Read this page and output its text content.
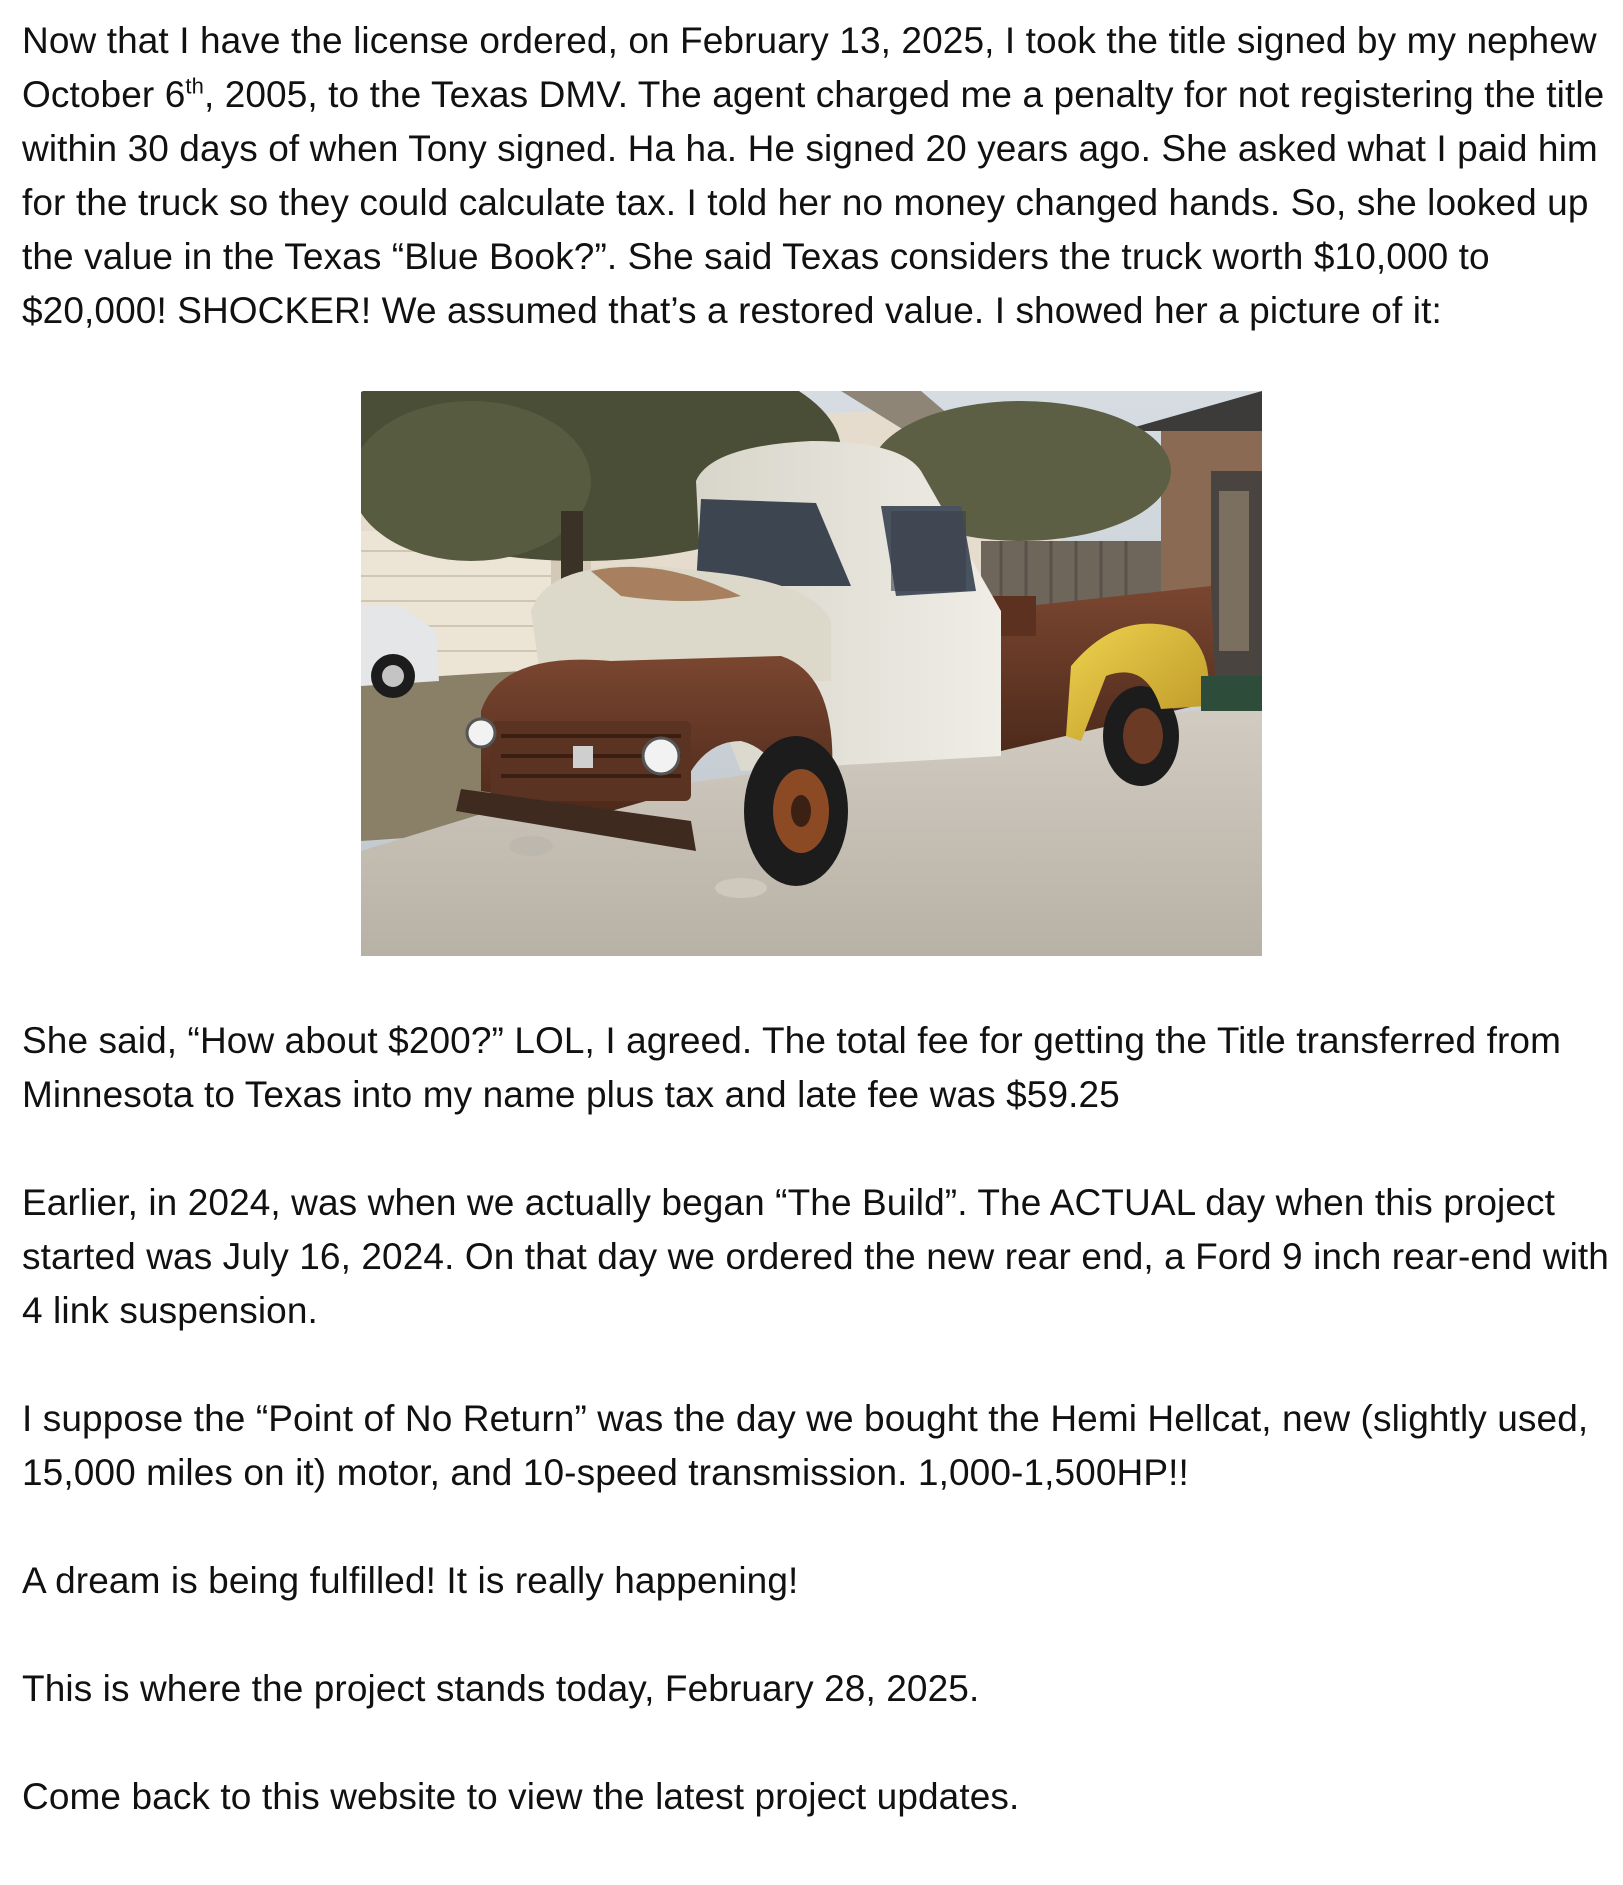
Now that I have the license ordered, on February 13, 2025, I took the title signed by my nephew October 6th, 2005, to the Texas DMV. The agent charged me a penalty for not registering the title within 30 days of when Tony signed. Ha ha. He signed 20 years ago. She asked what I paid him for the truck so they could calculate tax. I told her no money changed hands. So, she looked up the value in the Texas “Blue Book?”. She said Texas considers the truck worth $10,000 to $20,000! SHOCKER! We assumed that’s a restored value. I showed her a picture of it:

She said, “How about $200?” LOL, I agreed. The total fee for getting the Title transferred from Minnesota to Texas into my name plus tax and late fee was $59.25

Earlier, in 2024, was when we actually began “The Build”. The ACTUAL day when this project started was July 16, 2024. On that day we ordered the new rear end, a Ford 9 inch rear-end with 4 link suspension.

I suppose the “Point of No Return” was the day we bought the Hemi Hellcat, new (slightly used, 15,000 miles on it) motor, and 10-speed transmission. 1,000-1,500HP!!

A dream is being fulfilled! It is really happening!

This is where the project stands today, February 28, 2025.

Come back to this website to view the latest project updates.
